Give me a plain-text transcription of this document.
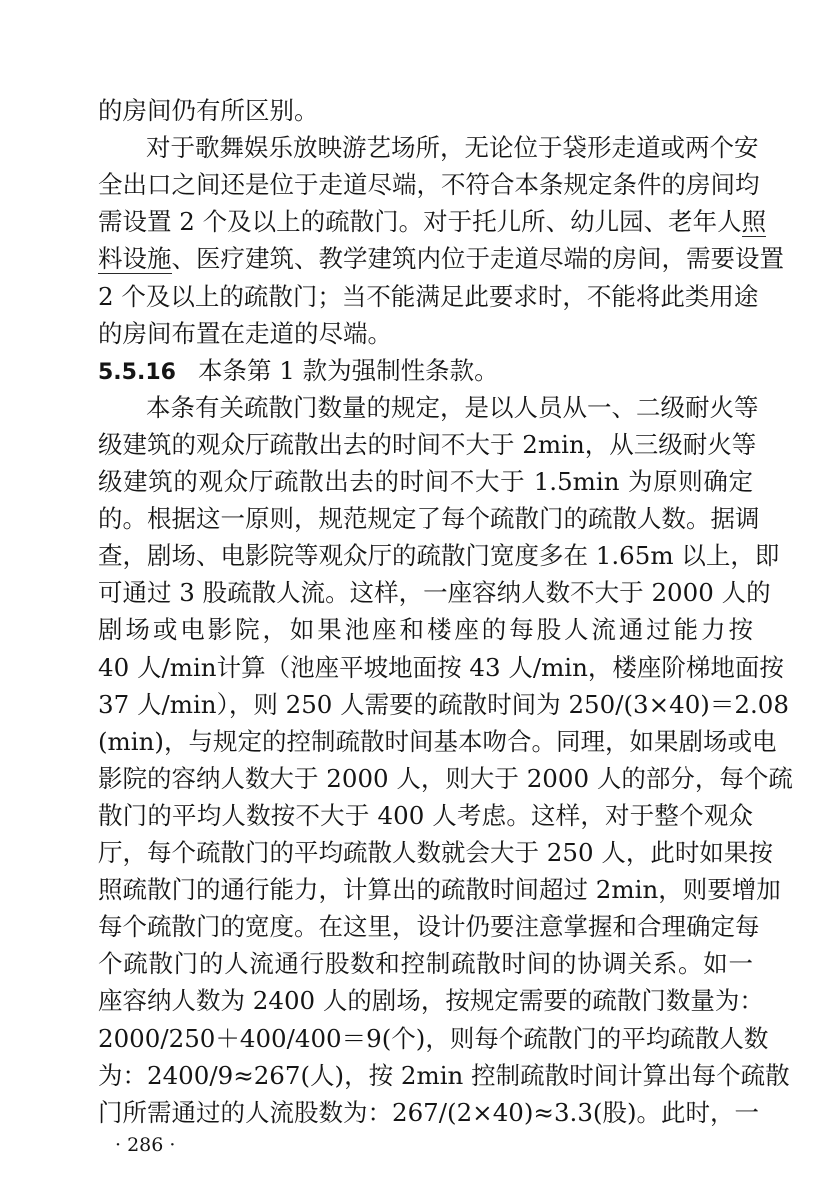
的房间仍有所区别。
对于歌舞娱乐放映游艺场所，无论位于袋形走道或两个安
全出口之间还是位于走道尽端，不符合本条规定条件的房间均
需设置 2 个及以上的疏散门。对于托儿所、幼儿园、老年人照
料设施、医疗建筑、教学建筑内位于走道尽端的房间，需要设置
2 个及以上的疏散门；当不能满足此要求时，不能将此类用途
的房间布置在走道的尽端。
5.5.16 本条第 1 款为强制性条款。
本条有关疏散门数量的规定，是以人员从一、二级耐火等
级建筑的观众厅疏散出去的时间不大于 2min，从三级耐火等
级建筑的观众厅疏散出去的时间不大于 1.5min 为原则确定
的。根据这一原则，规范规定了每个疏散门的疏散人数。据调
查，剧场、电影院等观众厅的疏散门宽度多在 1.65m 以上，即
可通过 3 股疏散人流。这样，一座容纳人数不大于 2000 人的
剧场或电影院，如果池座和楼座的每股人流通过能力按
40 人/min计算（池座平坡地面按 43 人/min，楼座阶梯地面按
37 人/min），则 250 人需要的疏散时间为 250/(3×40)＝2.08
(min)，与规定的控制疏散时间基本吻合。同理，如果剧场或电
影院的容纳人数大于 2000 人，则大于 2000 人的部分，每个疏
散门的平均人数按不大于 400 人考虑。这样，对于整个观众
厅，每个疏散门的平均疏散人数就会大于 250 人，此时如果按
照疏散门的通行能力，计算出的疏散时间超过 2min，则要增加
每个疏散门的宽度。在这里，设计仍要注意掌握和合理确定每
个疏散门的人流通行股数和控制疏散时间的协调关系。如一
座容纳人数为 2400 人的剧场，按规定需要的疏散门数量为：
2000/250＋400/400＝9(个)，则每个疏散门的平均疏散人数
为：2400/9≈267(人)，按 2min 控制疏散时间计算出每个疏散
门所需通过的人流股数为：267/(2×40)≈3.3(股)。此时，一
· 286 ·
